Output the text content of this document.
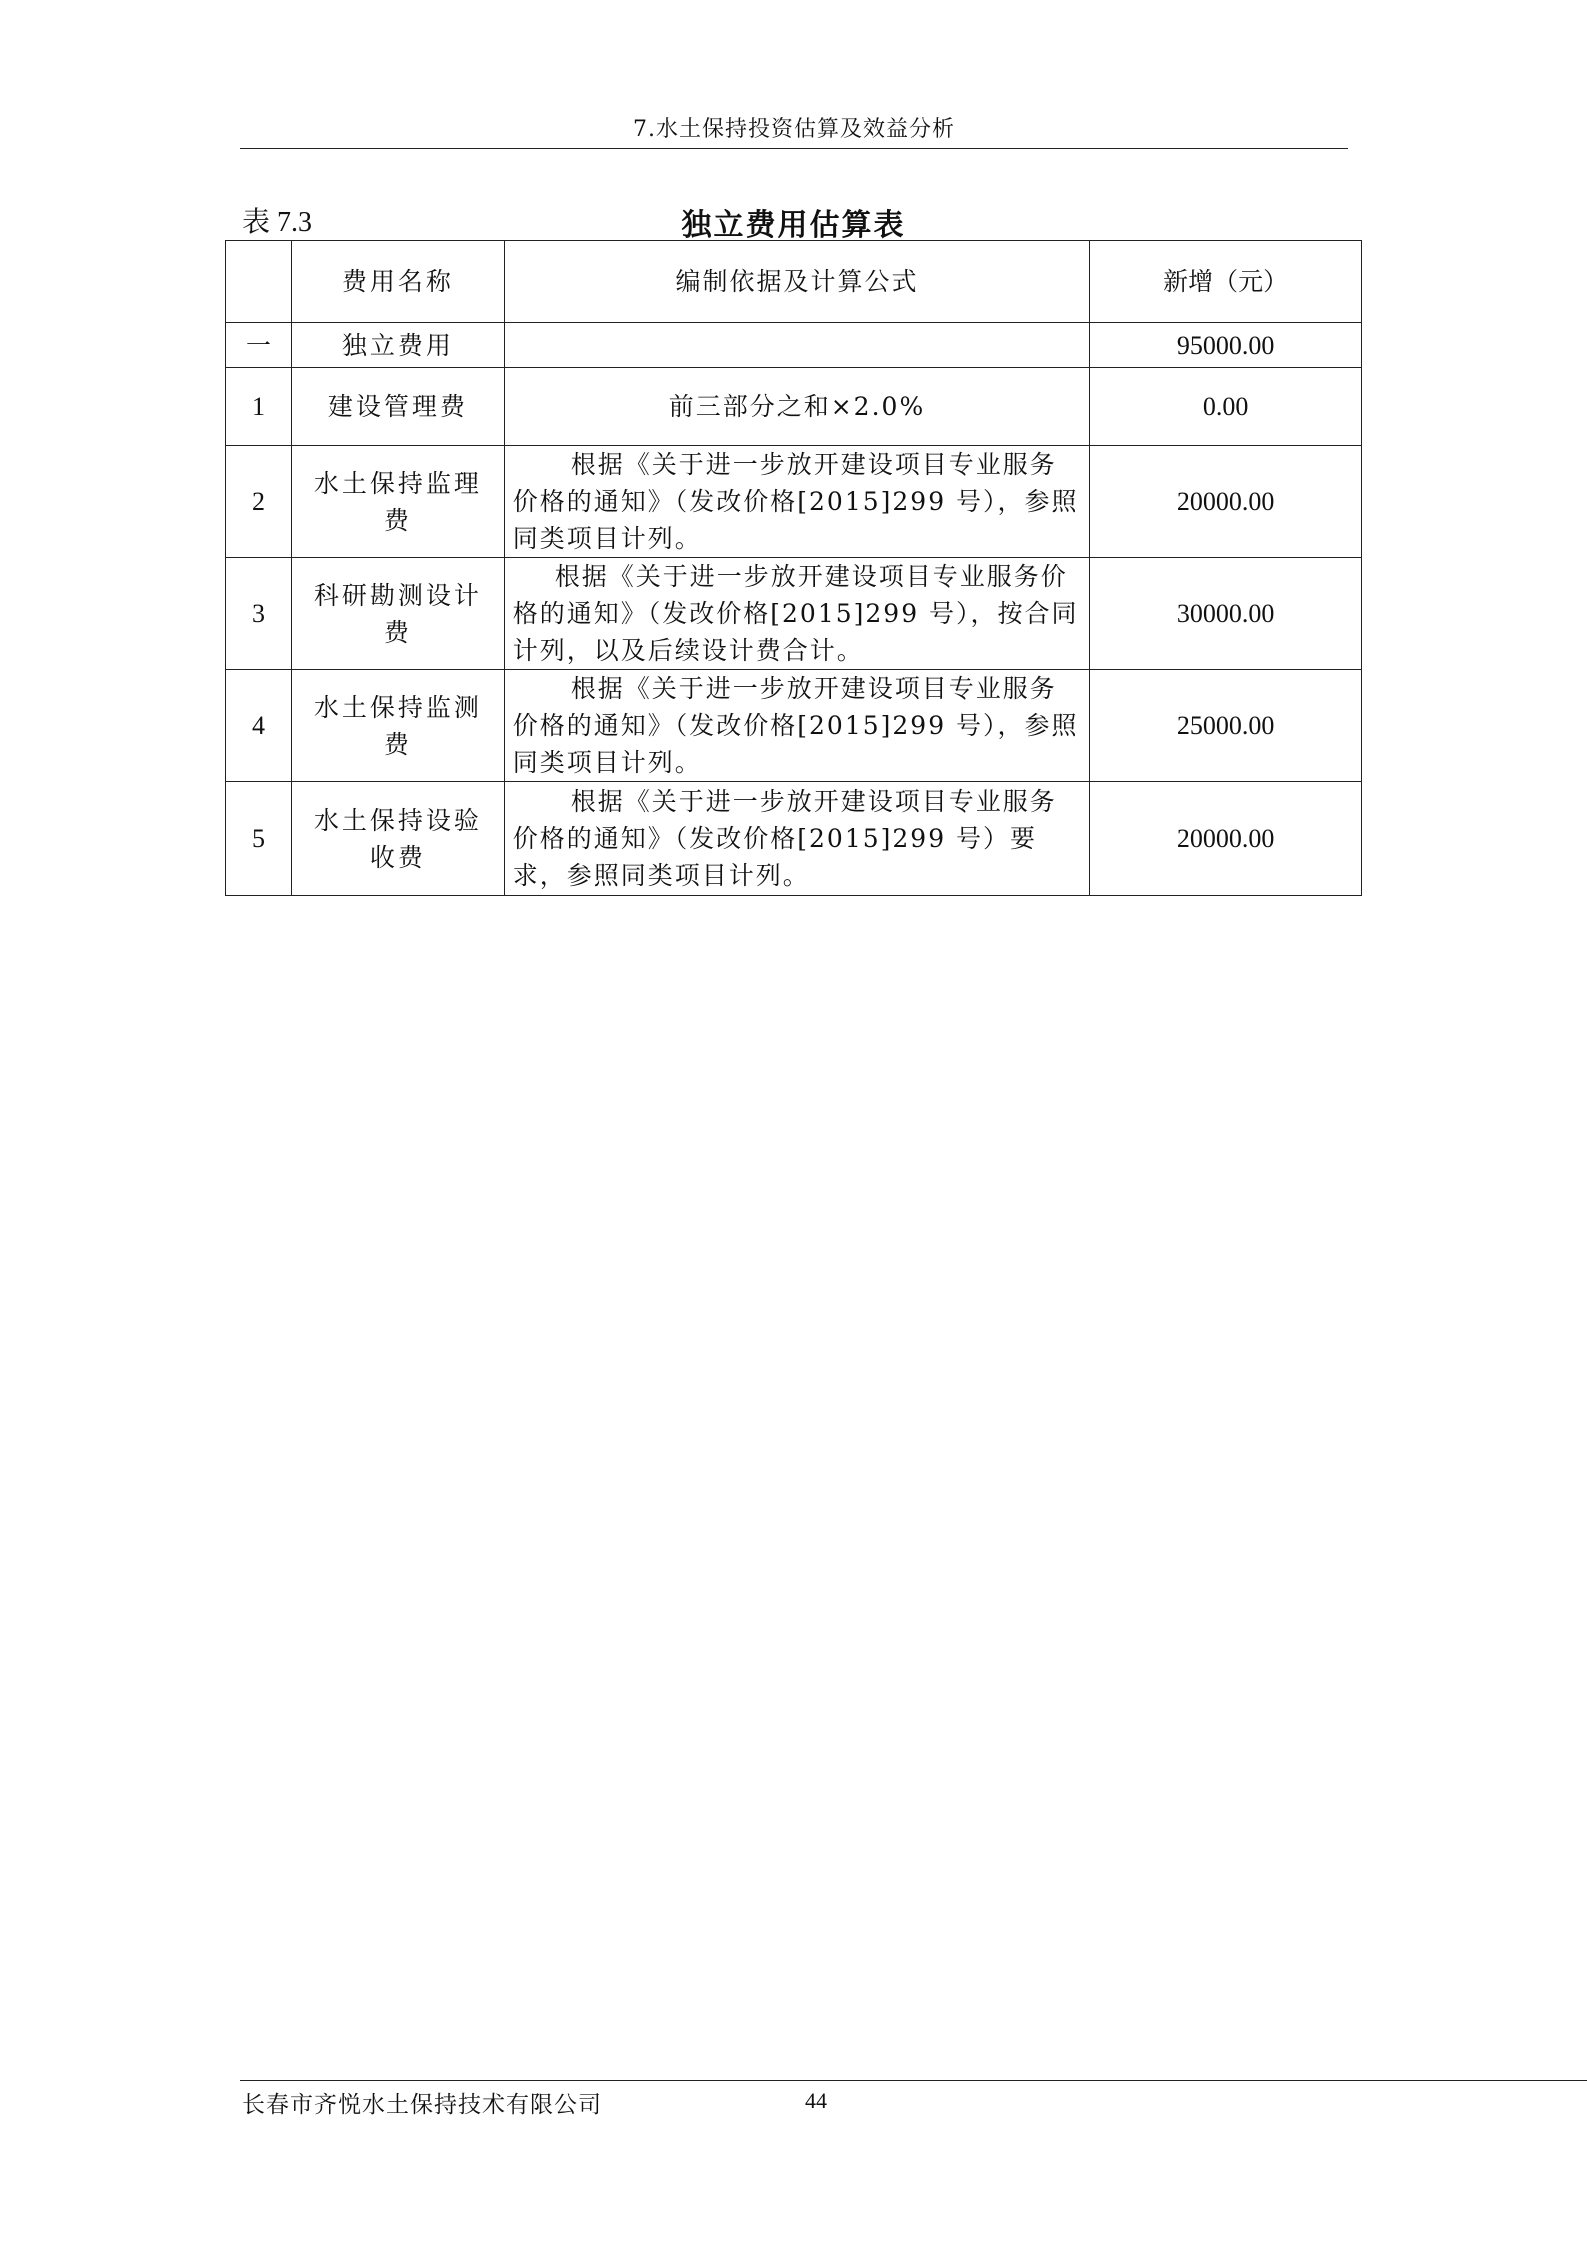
7.水土保持投资估算及效益分析
表 7.3	独立费用估算表
	费用名称	编制依据及计算公式	新增（元）
一	独立费用		95000.00
1	建设管理费	前三部分之和×2.0%	0.00
2	水土保持监理费	根据《关于进一步放开建设项目专业服务价格的通知》（发改价格[2015]299 号），参照同类项目计列。	20000.00
3	科研勘测设计费	根据《关于进一步放开建设项目专业服务价格的通知》（发改价格[2015]299 号），按合同计列，以及后续设计费合计。	30000.00
4	水土保持监测费	根据《关于进一步放开建设项目专业服务价格的通知》（发改价格[2015]299 号），参照同类项目计列。	25000.00
5	水土保持设验收费	根据《关于进一步放开建设项目专业服务价格的通知》（发改价格[2015]299 号）要求，参照同类项目计列。	20000.00
长春市齐悦水土保持技术有限公司	44
